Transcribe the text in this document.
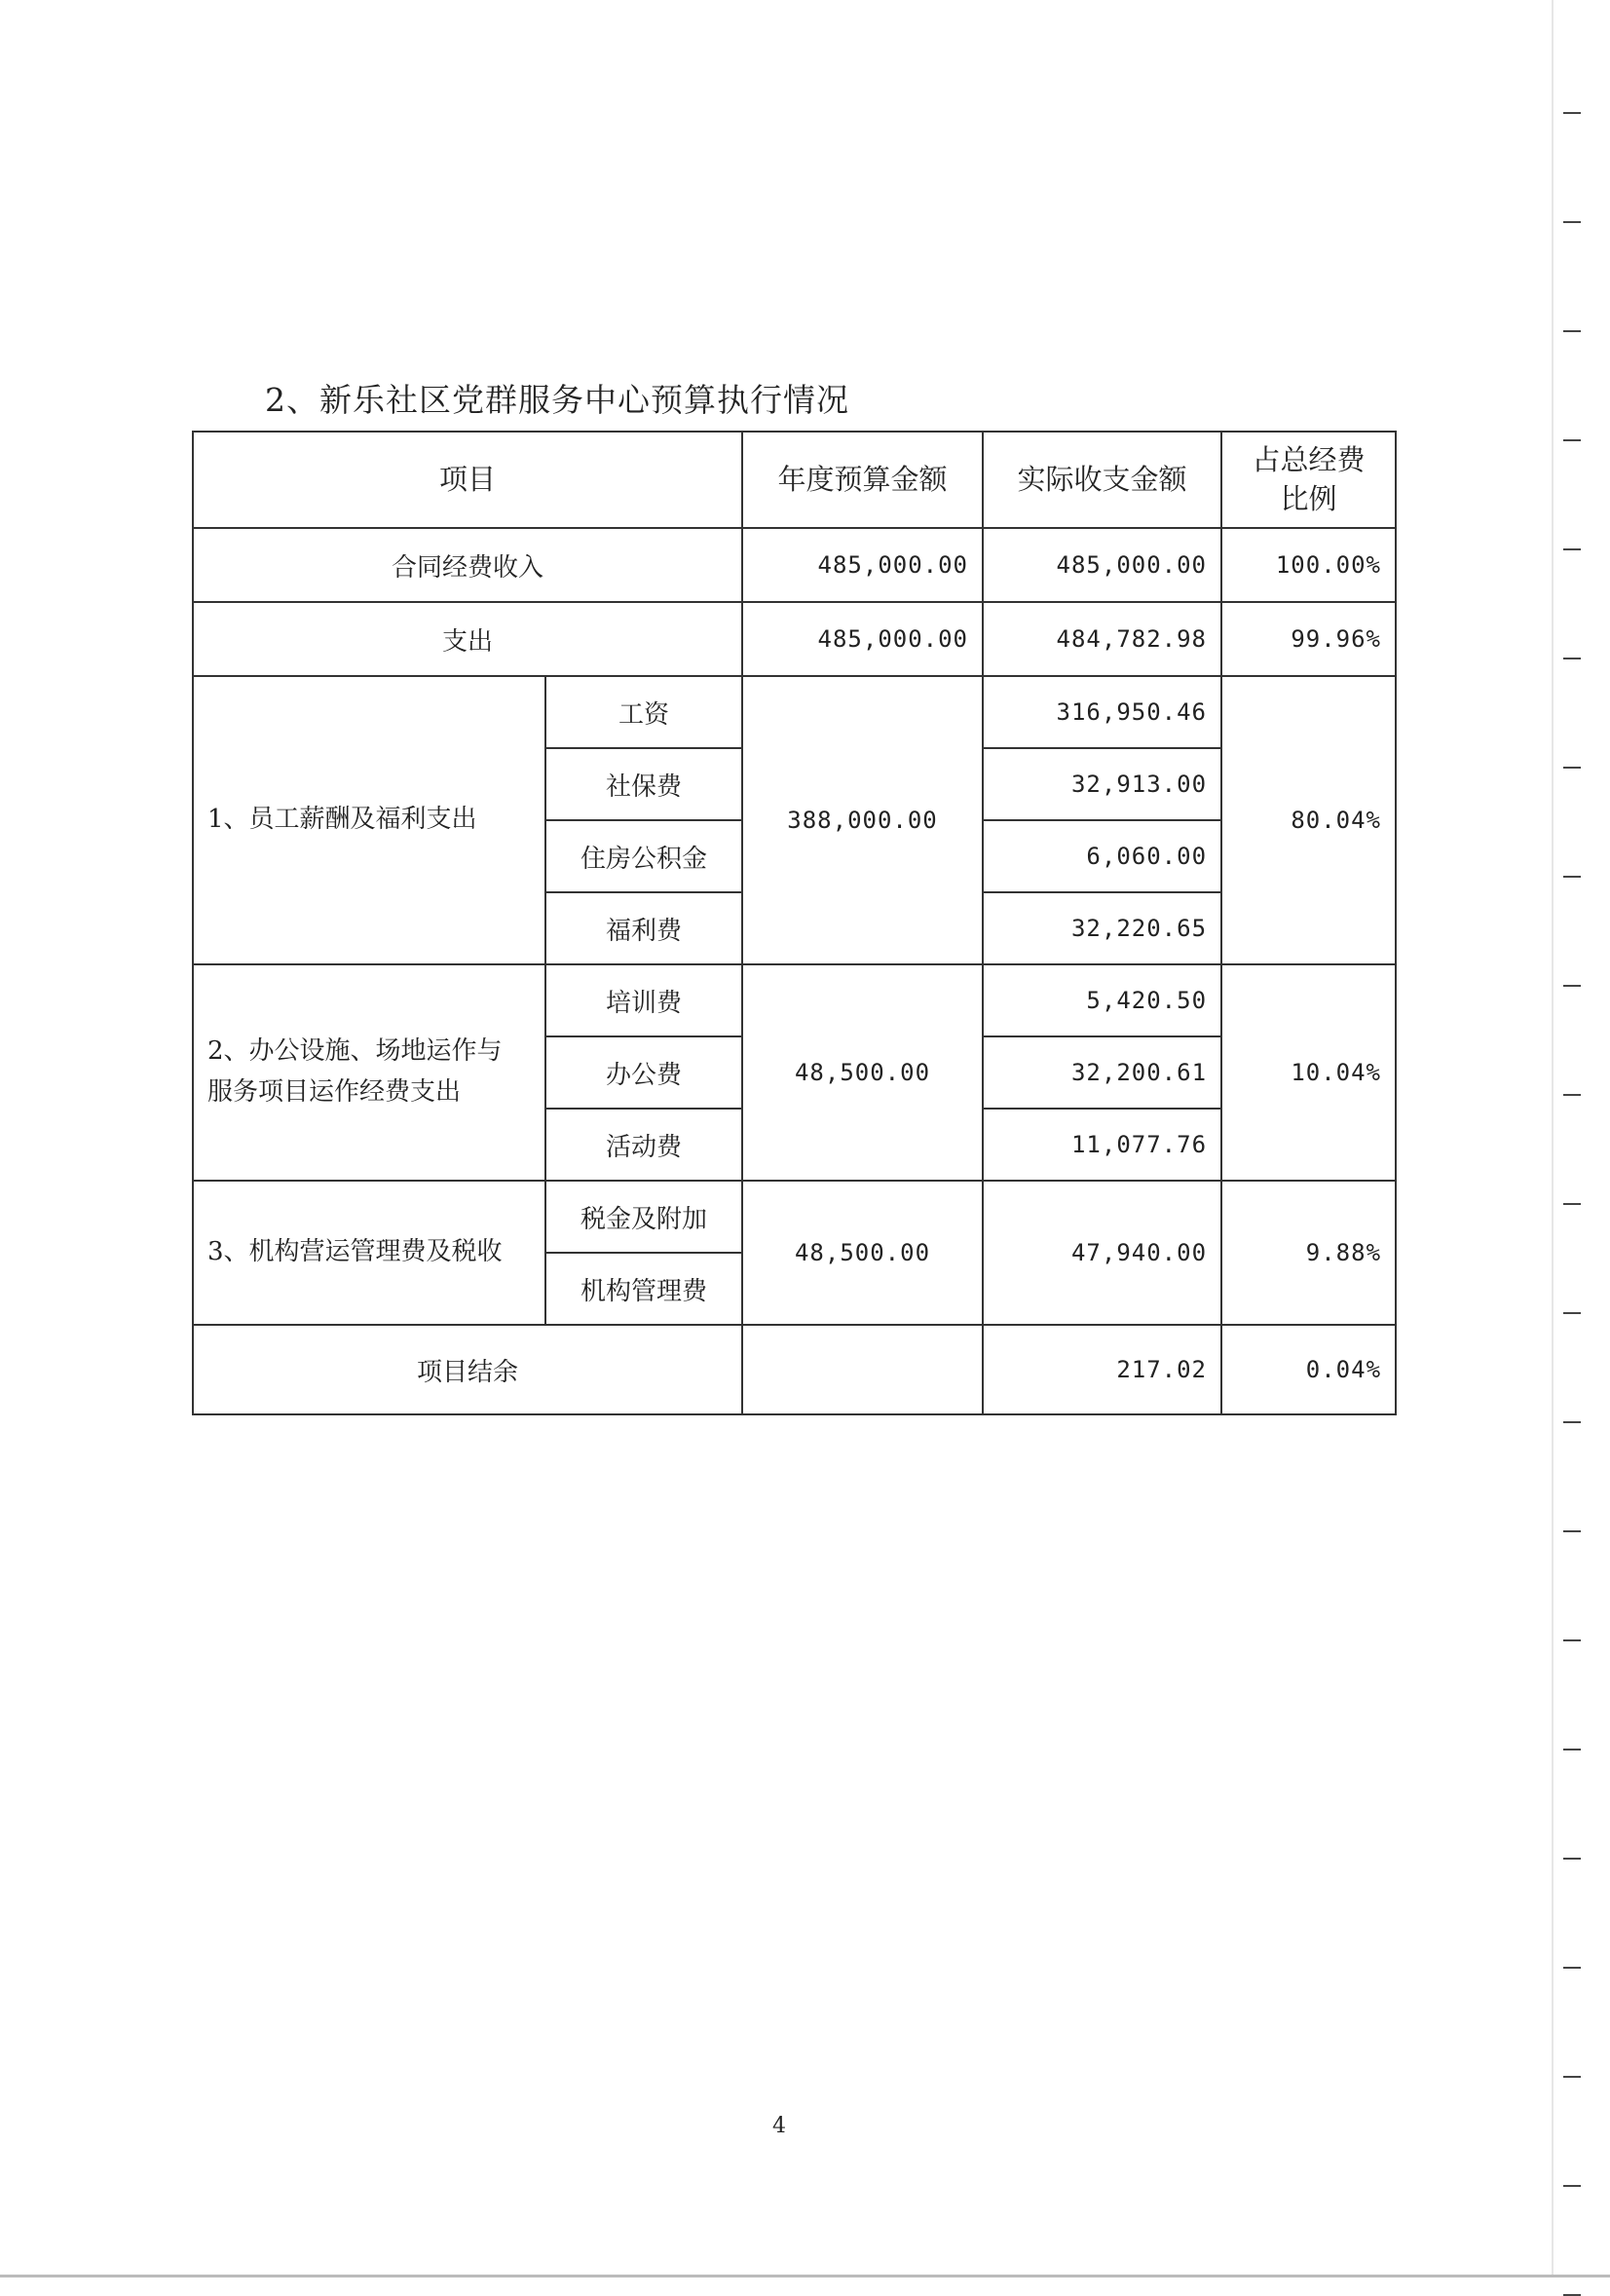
2、新乐社区党群服务中心预算执行情况
项目		年度预算金额	实际收支金额	占总经费
比例

合同经费收入		485,000.00	485,000.00	100.00%
支出		485,000.00	484,782.98	99.96%
1、员工薪酬及福利支出	工资	388,000.00	316,950.46	80.04%
	社保费		32,913.00	
	住房公积金		6,060.00	
	福利费		32,220.65	

2、办公设施、场地运作与
服务项目运作经费支出	培训费	48,500.00	5,420.50	10.04%
	办公费		32,200.61	
	活动费		11,077.76	
3、机构营运管理费及税收	税金及附加	48,500.00	47,940.00	9.88%
	机构管理费			
项目结余			217.02	0.04%
4
